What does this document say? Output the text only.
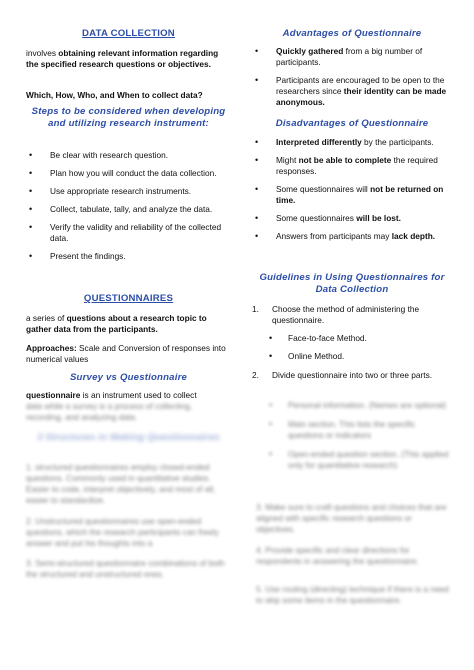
DATA COLLECTION

involves obtaining relevant information regarding the specified research questions or objectives.

Which, How, Who, and When to collect data?

Steps to be considered when developing and utilizing research instrument:
• Be clear with research question.
• Plan how you will conduct the data collection.
• Use appropriate research instruments.
• Collect, tabulate, tally, and analyze the data.
• Verify the validity and reliability of the collected data.
• Present the findings.
QUESTIONNAIRES

a series of questions about a research topic to gather data from the participants.

Approaches: Scale and Conversion of responses into numerical values

Survey vs Questionnaire

questionnaire is an instrument used to collect

data while a survey is a process of collecting, recording, and analyzing data.

3 Structures in Making Questionnaires

1. structured questionnaires employ closed-ended questions. Commonly used in quantitative studies. Easier to code, interpret objectively, and most of all, easier to standardize.

2. Unstructured questionnaires use open-ended questions, which the research participants can freely answer and put his thoughts into a

3. Semi-structured questionnaire combinations of both the structured and unstructured ones.

Advantages of Questionnaire
• Quickly gathered from a big number of participants.
• Participants are encouraged to be open to the researchers since their identity can be made anonymous.
Disadvantages of Questionnaire
• Interpreted differently by the participants.
• Might not be able to complete the required responses.
• Some questionnaires will not be returned on time.
• Some questionnaires will be lost.
• Answers from participants may lack depth.
Guidelines in Using Questionnaires for Data Collection
1. Choose the method of administering the questionnaire.
• Face-to-face Method.
• Online Method.
2. Divide questionnaire into two or three parts.
• Personal information. (Names are optional)
• Main section. This lists the specific questions or indicators
• Open-ended question section. (This applied only for quantitative research)

3. Make sure to craft questions and choices that are aligned with specific research questions or objectives.

4. Provide specific and clear directions for respondents in answering the questionnaire.

5. Use routing (directing) technique if there is a need to skip some items in the questionnaire.
